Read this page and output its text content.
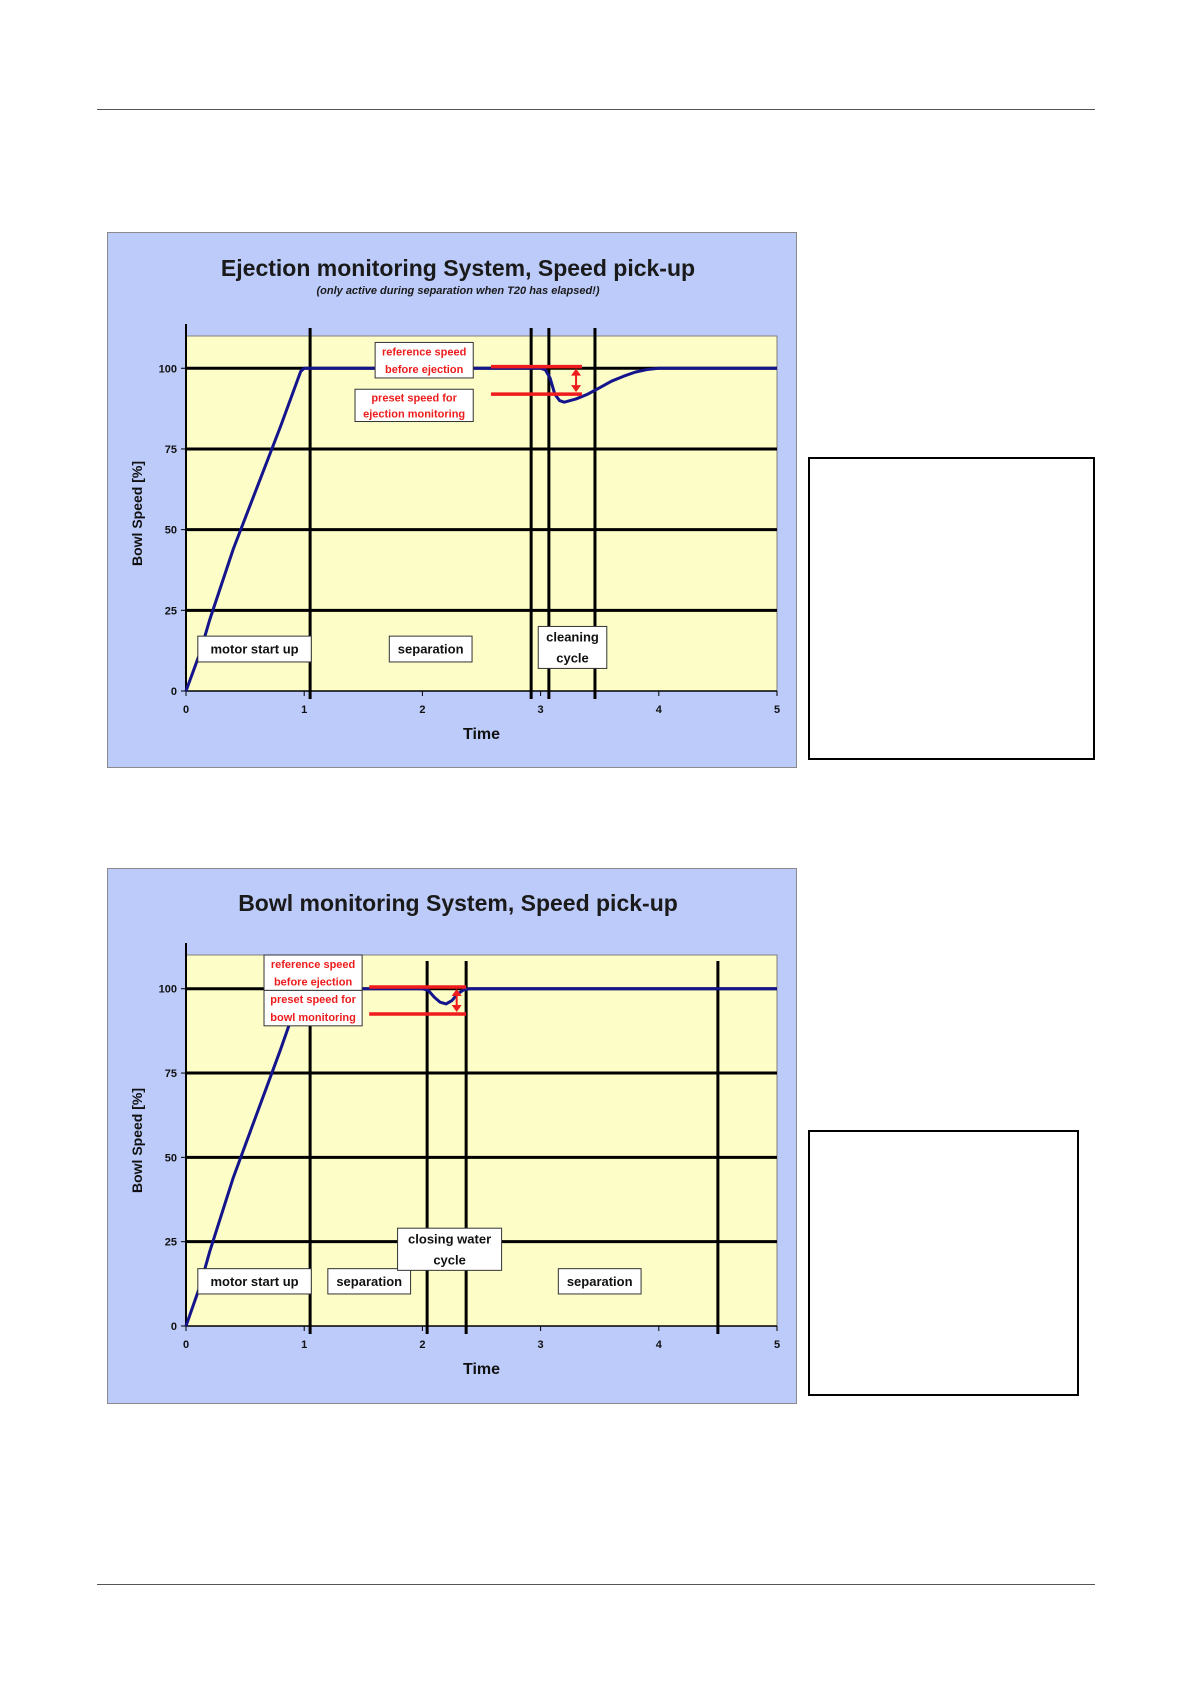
Ejection monitoring System, Speed pick-up
(only active during separation when T20 has elapsed!)
0
25
50
75
100
0	1	2	3	4	5
Time
Bowl Speed [%]
reference speed
before ejection
preset speed for
ejection monitoring
motor start up	separation
cleaning
cycle
Bowl monitoring System, Speed pick-up
0
25
50
75
100
0	1	2	3	4	5
Time
Bowl Speed [%]
reference speed
before ejection
preset speed for
bowl monitoring
motor start up	separation
closing water
cycle
separation
